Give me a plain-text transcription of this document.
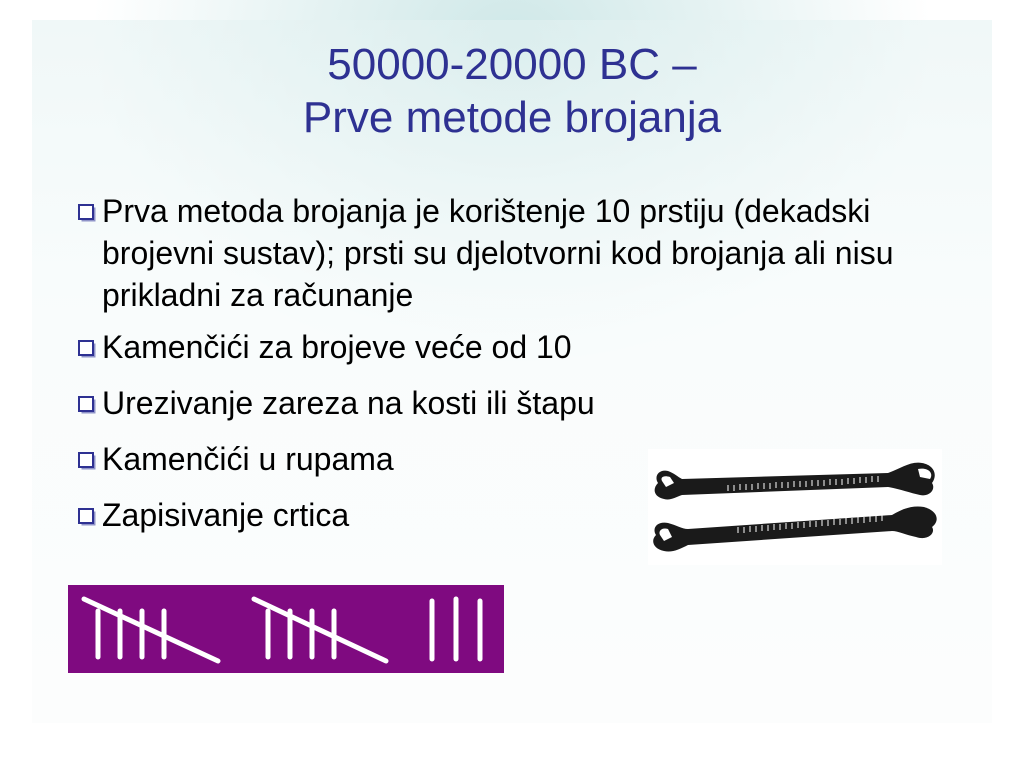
50000-20000 BC –
Prve metode brojanja
Prva metoda brojanja je korištenje 10 prstiju (dekadski brojevni sustav); prsti su djelotvorni kod brojanja ali nisu prikladni za računanje
Kamenčići za brojeve veće od 10
Urezivanje zareza na kosti ili štapu
Kamenčići u rupama
Zapisivanje crtica
